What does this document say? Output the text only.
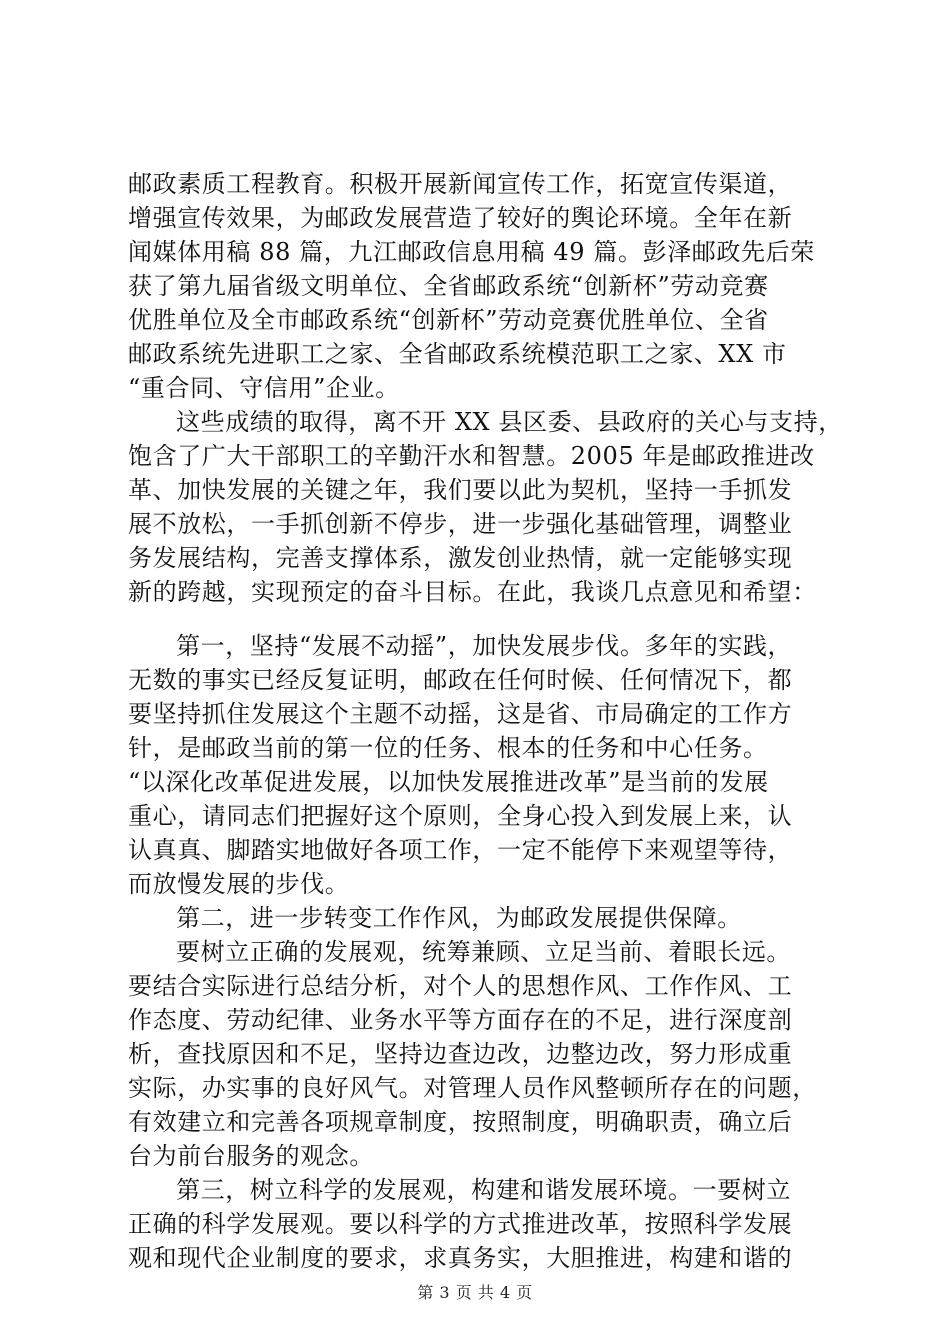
邮政素质工程教育。积极开展新闻宣传工作，拓宽宣传渠道，
增强宣传效果，为邮政发展营造了较好的舆论环境。全年在新
闻媒体用稿 88 篇，九江邮政信息用稿 49 篇。彭泽邮政先后荣
获了第九届省级文明单位、全省邮政系统“创新杯”劳动竞赛
优胜单位及全市邮政系统“创新杯”劳动竞赛优胜单位、全省
邮政系统先进职工之家、全省邮政系统模范职工之家、XX 市
“重合同、守信用”企业。
这些成绩的取得，离不开 XX 县区委、县政府的关心与支持，
饱含了广大干部职工的辛勤汗水和智慧。2005 年是邮政推进改
革、加快发展的关键之年，我们要以此为契机，坚持一手抓发
展不放松，一手抓创新不停步，进一步强化基础管理，调整业
务发展结构，完善支撑体系，激发创业热情，就一定能够实现
新的跨越，实现预定的奋斗目标。在此，我谈几点意见和希望：
第一，坚持“发展不动摇”，加快发展步伐。多年的实践，
无数的事实已经反复证明，邮政在任何时候、任何情况下，都
要坚持抓住发展这个主题不动摇，这是省、市局确定的工作方
针，是邮政当前的第一位的任务、根本的任务和中心任务。
“以深化改革促进发展，以加快发展推进改革”是当前的发展
重心，请同志们把握好这个原则，全身心投入到发展上来，认
认真真、脚踏实地做好各项工作，一定不能停下来观望等待，
而放慢发展的步伐。
第二，进一步转变工作作风，为邮政发展提供保障。
要树立正确的发展观，统筹兼顾、立足当前、着眼长远。
要结合实际进行总结分析，对个人的思想作风、工作作风、工
作态度、劳动纪律、业务水平等方面存在的不足，进行深度剖
析，查找原因和不足，坚持边查边改，边整边改，努力形成重
实际，办实事的良好风气。对管理人员作风整顿所存在的问题，
有效建立和完善各项规章制度，按照制度，明确职责，确立后
台为前台服务的观念。
第三，树立科学的发展观，构建和谐发展环境。一要树立
正确的科学发展观。要以科学的方式推进改革，按照科学发展
观和现代企业制度的要求，求真务实，大胆推进，构建和谐的
第 3 页 共 4 页
